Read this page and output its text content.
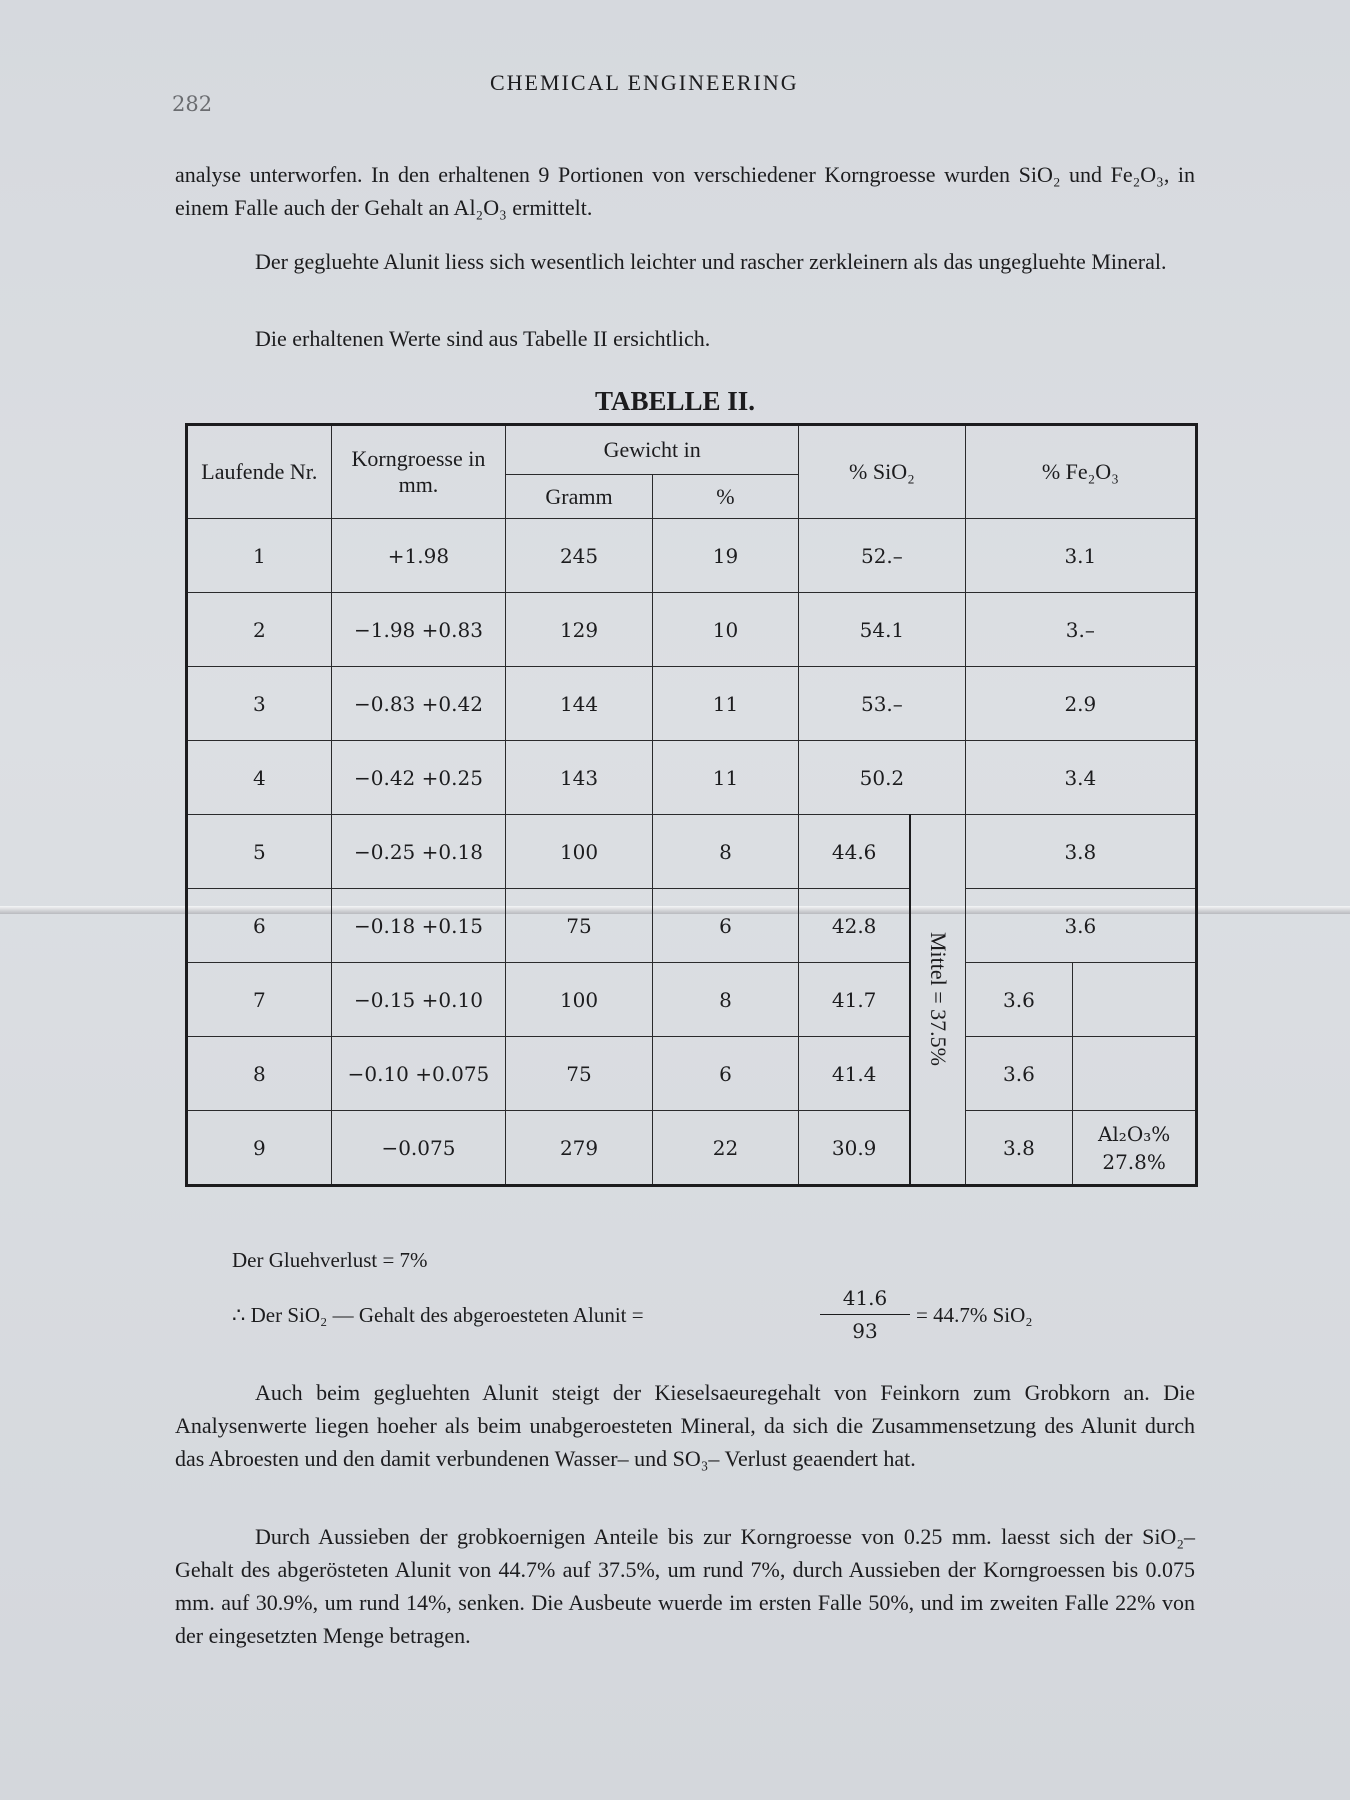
282
CHEMICAL ENGINEERING
analyse unterworfen. In den erhaltenen 9 Portionen von verschiedener Korngroesse wurden SiO₂ und Fe₂O₃, in einem Falle auch der Gehalt an Al₂O₃ ermittelt.
Der gegluehte Alunit liess sich wesentlich leichter und rascher zerkleinern als das ungegluehte Mineral.
Die erhaltenen Werte sind aus Tabelle II ersichtlich.
TABELLE II.
Laufende Nr.	Korngroesse in mm.	Gewicht in		% SiO₂		% Fe₂O₃	
		Gramm	%				
1	+1.98	245	19	52.–		3.1	
2	−1.98 +0.83	129	10	54.1		3.–	
3	−0.83 +0.42	144	11	53.–		2.9	
4	−0.42 +0.25	143	11	50.2		3.4	
5	−0.25 +0.18	100	8	44.6	Mittel = 37.5%	3.8	
6	−0.18 +0.15	75	6	42.8		3.6	
7	−0.15 +0.10	100	8	41.7		3.6	
8	−0.10 +0.075	75	6	41.4		3.6	
9	−0.075	279	22	30.9		3.8	Al₂O₃%
27.8%
Der Gluehverlust = 7%
∴ Der SiO₂ — Gehalt des abgeroesteten Alunit =	$\frac{41.6}{93} = 44.7\%$ SiO₂
Auch beim gegluehten Alunit steigt der Kieselsaeuregehalt von Feinkorn zum Grobkorn an. Die Analysenwerte liegen hoeher als beim unabgeroesteten Mineral, da sich die Zusammensetzung des Alunit durch das Abroesten und den damit verbundenen Wasser– und SO₃– Verlust geaendert hat.
Durch Aussieben der grobkoernigen Anteile bis zur Korngroesse von 0.25 mm. laesst sich der SiO₂– Gehalt des abgerösteten Alunit von 44.7% auf 37.5%, um rund 7%, durch Aussieben der Korngroessen bis 0.075 mm. auf 30.9%, um rund 14%, senken. Die Ausbeute wuerde im ersten Falle 50%, und im zweiten Falle 22% von der eingesetzten Menge betragen.
